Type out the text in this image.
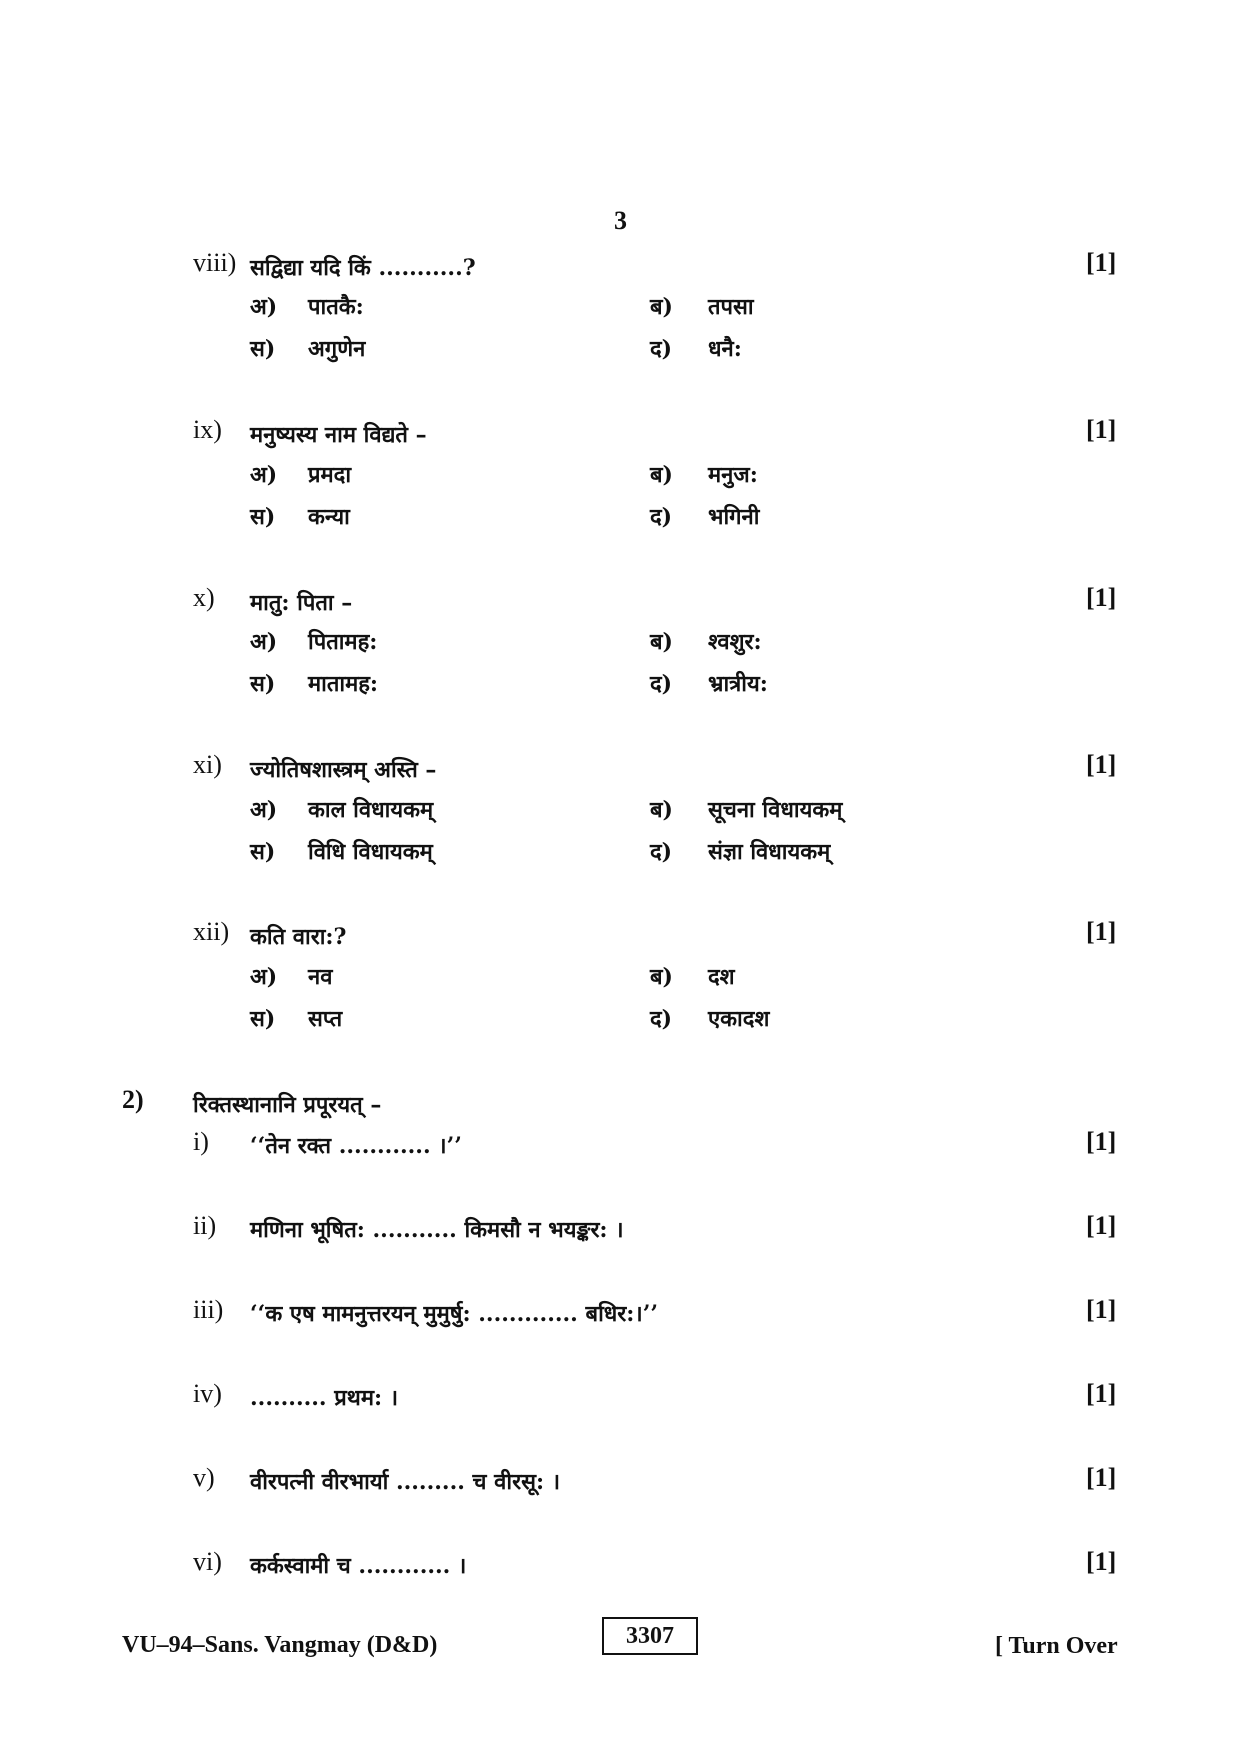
3
viii) सद्विद्या यदि किं ...........?	[1]
अ) पातकै:	ब) तपसा
स) अगुणेन	द) धनै:
ix) मनुष्यस्य नाम विद्यते –	[1]
अ) प्रमदा	ब) मनुज:
स) कन्या	द) भगिनी
x) मातु: पिता –	[1]
अ) पितामह:	ब) श्वशुर:
स) मातामह:	द) भ्रात्रीय:
xi) ज्योतिषशास्त्रम् अस्ति –	[1]
अ) काल विधायकम्	ब) सूचना विधायकम्
स) विधि विधायकम्	द) संज्ञा विधायकम्
xii) कति वारा:?	[1]
अ) नव	ब) दश
स) सप्त	द) एकादश
2) रिक्तस्थानानि प्रपूरयत् –
i) ‘‘तेन रक्त ............ ।’’	[1]
ii) मणिना भूषित: ........... किमसौ न भयङ्कर: ।	[1]
iii) ‘‘क एष मामनुत्तरयन् मुमुर्षु: ............. बधिर:।’’	[1]
iv) .......... प्रथम: ।	[1]
v) वीरपत्नी वीरभार्या ......... च वीरसू: ।	[1]
vi) कर्कस्वामी च ............ ।	[1]
VU–94–Sans. Vangmay (D&D)	3307	[ Turn Over
